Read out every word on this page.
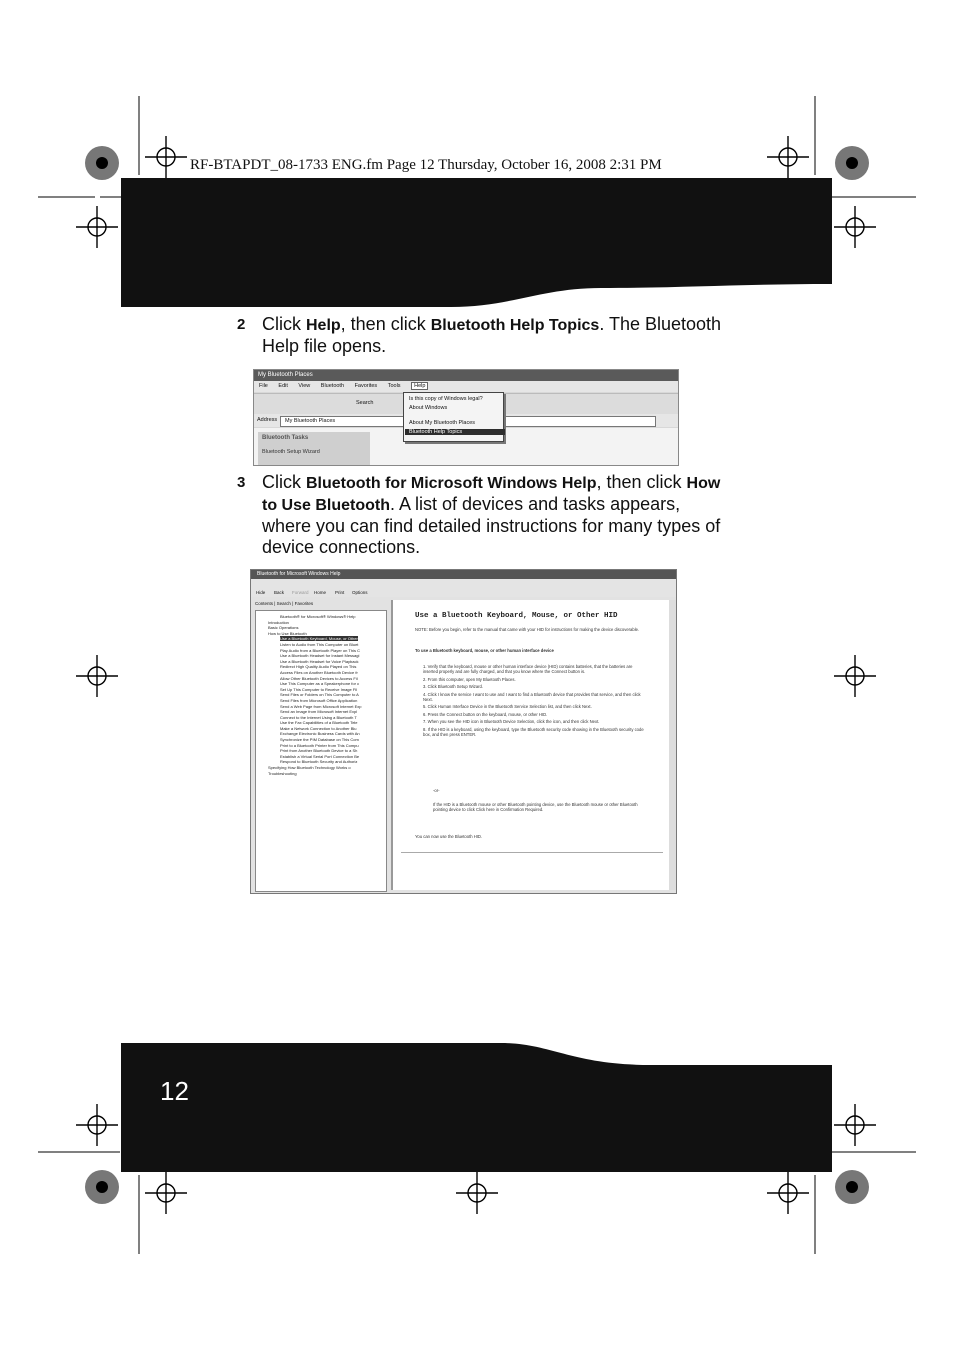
RF-BTAPDT_08-1733 ENG.fm Page 12 Thursday, October 16, 2008 2:31 PM
2 Click Help, then click Bluetooth Help Topics. The Bluetooth Help file opens.
My Bluetooth Places
File Edit View Bluetooth Favorites Tools Help
Search
Address	My Bluetooth Places
Bluetooth Tasks
Bluetooth Setup Wizard
Is this copy of Windows legal?
About Windows
About My Bluetooth Places
Bluetooth Help Topics
3 Click Bluetooth for Microsoft Windows Help, then click How to Use Bluetooth. A list of devices and tasks appears, where you can find detailed instructions for many types of device connections.
Bluetooth for Microsoft Windows Help
Hide Back Forward Home Print Options
Contents | Search | Favorites
Bluetooth® for Microsoft® Windows® Help
Introduction
Basic Operations
How to Use Bluetooth
Use a Bluetooth Keyboard, Mouse, or Other
Listen to Audio from This Computer on Bluet
Play Audio from a Bluetooth Player on This C
Use a Bluetooth Headset for Instant Messagi
Use a Bluetooth Headset for Voice Playback
Redirect High Quality Audio Played on This
Access Files on Another Bluetooth Device fr
Allow Other Bluetooth Devices to Access Fil
Use This Computer as a Speakerphone for c
Set Up This Computer to Receive Image Fil
Send Files or Folders on This Computer to A
Send Files from Microsoft Office Application
Send a Web Page from Microsoft Internet Exp
Send an Image from Microsoft Internet Expl
Connect to the Internet Using a Bluetooth T
Use the Fax Capabilities of a Bluetooth Tele
Make a Network Connection to Another Blu
Exchange Electronic Business Cards with An
Synchronize the PIM Database on This Com
Print to a Bluetooth Printer from This Compu
Print from Another Bluetooth Device to a Sh
Establish a Virtual Serial Port Connection Be
Respond to Bluetooth Security and Authoriz
Specifying How Bluetooth Technology Works o
Troubleshooting
Use a Bluetooth Keyboard, Mouse, or Other HID
NOTE: Before you begin, refer to the manual that came with your HID for instructions for making the device discoverable.
To use a Bluetooth keyboard, mouse, or other human interface device

1. Verify that the keyboard, mouse or other human interface device (HID) contains batteries, that the batteries are inserted properly and are fully charged, and that you know where the Connect button is.

2. From this computer, open My Bluetooth Places.

3. Click Bluetooth Setup Wizard.

4. Click I know the service I want to use and I want to find a Bluetooth device that provides that service, and then click Next.

5. Click Human Interface Device in the Bluetooth Service Selection list, and then click Next.

6. Press the Connect button on the keyboard, mouse, or other HID.

7. When you see the HID icon in Bluetooth Device Selection, click the icon, and then click Next.

8. If the HID is a keyboard, using the keyboard, type the Bluetooth security code showing in the Bluetooth security code box, and then press ENTER.

-or-
If the HID is a Bluetooth mouse or other Bluetooth pointing device, use the Bluetooth mouse or other Bluetooth pointing device to click Click here in Confirmation Required.
You can now use the Bluetooth HID.
12
